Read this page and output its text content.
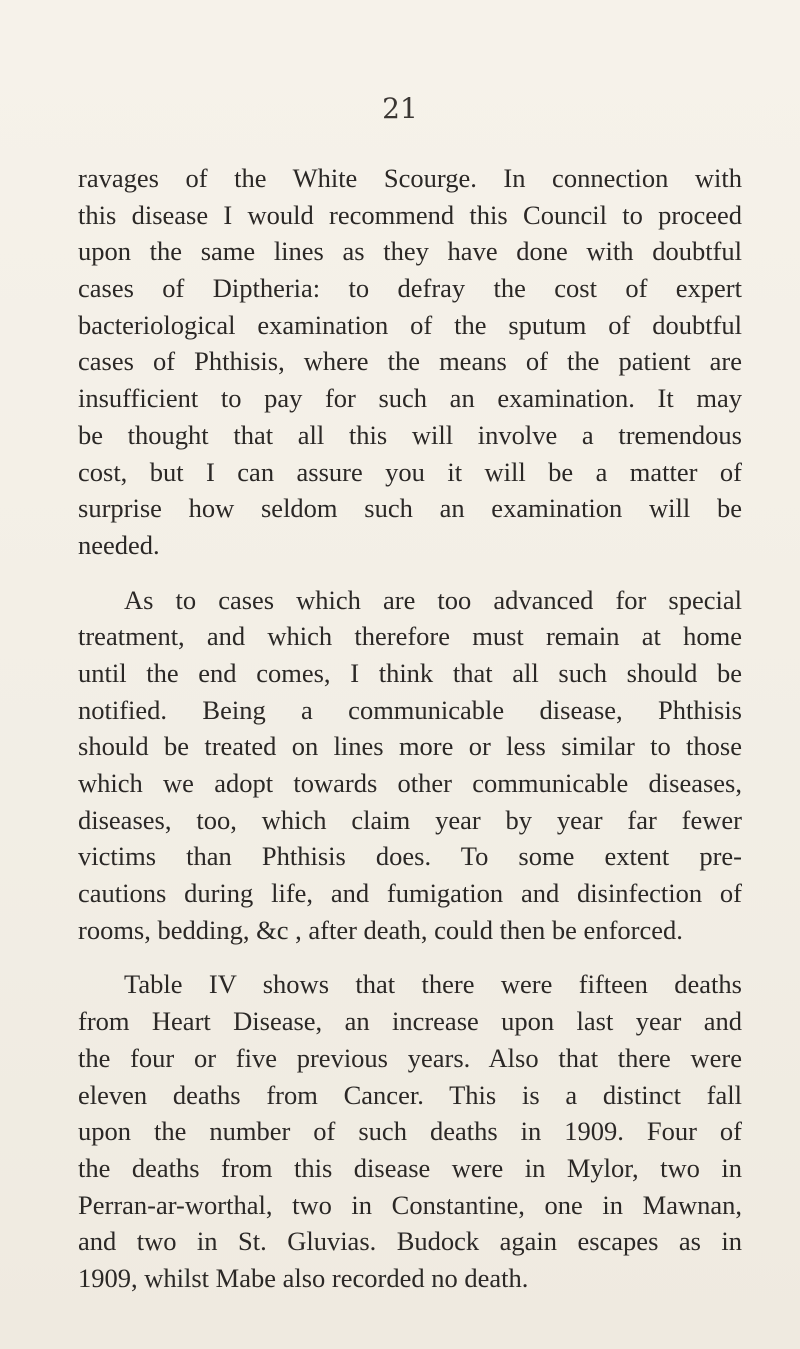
21
ravages of the White Scourge. In connection with
this disease I would recommend this Council to proceed
upon the same lines as they have done with doubtful
cases of Diptheria: to defray the cost of expert
bacteriological examination of the sputum of doubtful
cases of Phthisis, where the means of the patient are
insufficient to pay for such an examination. It may
be thought that all this will involve a tremendous
cost, but I can assure you it will be a matter of
surprise how seldom such an examination will be
needed.
As to cases which are too advanced for special
treatment, and which therefore must remain at home
until the end comes, I think that all such should be
notified. Being a communicable disease, Phthisis
should be treated on lines more or less similar to those
which we adopt towards other communicable diseases,
diseases, too, which claim year by year far fewer
victims than Phthisis does. To some extent pre-
cautions during life, and fumigation and disinfection of
rooms, bedding, &c , after death, could then be enforced.
Table IV shows that there were fifteen deaths
from Heart Disease, an increase upon last year and
the four or five previous years. Also that there were
eleven deaths from Cancer. This is a distinct fall
upon the number of such deaths in 1909. Four of
the deaths from this disease were in Mylor, two in
Perran-ar-worthal, two in Constantine, one in Mawnan,
and two in St. Gluvias. Budock again escapes as in
1909, whilst Mabe also recorded no death.
